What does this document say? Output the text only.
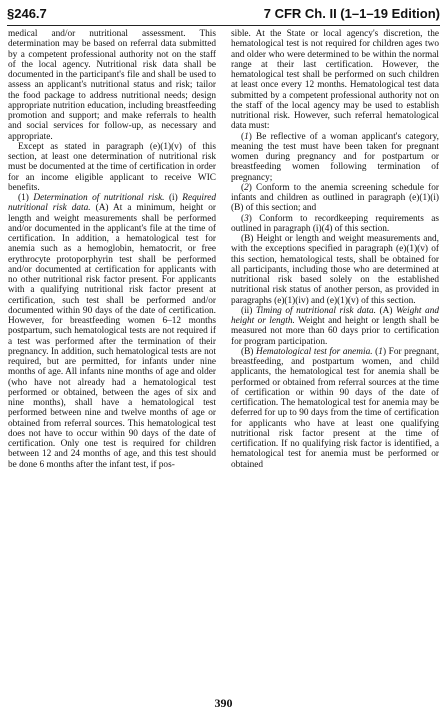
§246.7	7 CFR Ch. II (1–1–19 Edition)

medical and/or nutritional assessment. This determination may be based on referral data submitted by a competent professional authority not on the staff of the local agency. Nutritional risk data shall be documented in the participant's file and shall be used to assess an applicant's nutritional status and risk; tailor the food package to address nutritional needs; design appropriate nutrition education, including breastfeeding promotion and support; and make referrals to health and social services for follow-up, as necessary and appropriate.

Except as stated in paragraph (e)(1)(v) of this section, at least one determination of nutritional risk must be documented at the time of certification in order for an income eligible applicant to receive WIC benefits.

(1) Determination of nutritional risk. (i) Required nutritional risk data. (A) At a minimum, height or length and weight measurements shall be performed and/or documented in the applicant's file at the time of certification. In addition, a hematological test for anemia such as a hemoglobin, hematocrit, or free erythrocyte protoporphyrin test shall be performed and/or documented at certification for applicants with no other nutritional risk factor present. For applicants with a qualifying nutritional risk factor present at certification, such test shall be performed and/or documented within 90 days of the date of certification. However, for breastfeeding women 6–12 months postpartum, such hematological tests are not required if a test was performed after the termination of their pregnancy. In addition, such hematological tests are not required, but are permitted, for infants under nine months of age. All infants nine months of age and older (who have not already had a hematological test performed or obtained, between the ages of six and nine months), shall have a hematological test performed between nine and twelve months of age or obtained from referral sources. This hematological test does not have to occur within 90 days of the date of certification. Only one test is required for children between 12 and 24 months of age, and this test should be done 6 months after the infant test, if pos-

sible. At the State or local agency's discretion, the hematological test is not required for children ages two and older who were determined to be within the normal range at their last certification. However, the hematological test shall be performed on such children at least once every 12 months. Hematological test data submitted by a competent professional authority not on the staff of the local agency may be used to establish nutritional risk. However, such referral hematological data must:

(1) Be reflective of a woman applicant's category, meaning the test must have been taken for pregnant women during pregnancy and for postpartum or breastfeeding women following termination of pregnancy;

(2) Conform to the anemia screening schedule for infants and children as outlined in paragraph (e)(1)(i)(B) of this section; and

(3) Conform to recordkeeping requirements as outlined in paragraph (i)(4) of this section.

(B) Height or length and weight measurements and, with the exceptions specified in paragraph (e)(1)(v) of this section, hematological tests, shall be obtained for all participants, including those who are determined at nutritional risk based solely on the established nutritional risk status of another person, as provided in paragraphs (e)(1)(iv) and (e)(1)(v) of this section.

(ii) Timing of nutritional risk data. (A) Weight and height or length. Weight and height or length shall be measured not more than 60 days prior to certification for program participation.

(B) Hematological test for anemia. (1) For pregnant, breastfeeding, and postpartum women, and child applicants, the hematological test for anemia shall be performed or obtained from referral sources at the time of certification or within 90 days of the date of certification. The hematological test for anemia may be deferred for up to 90 days from the time of certification for applicants who have at least one qualifying nutritional risk factor present at the time of certification. If no qualifying risk factor is identified, a hematological test for anemia must be performed or obtained

390
